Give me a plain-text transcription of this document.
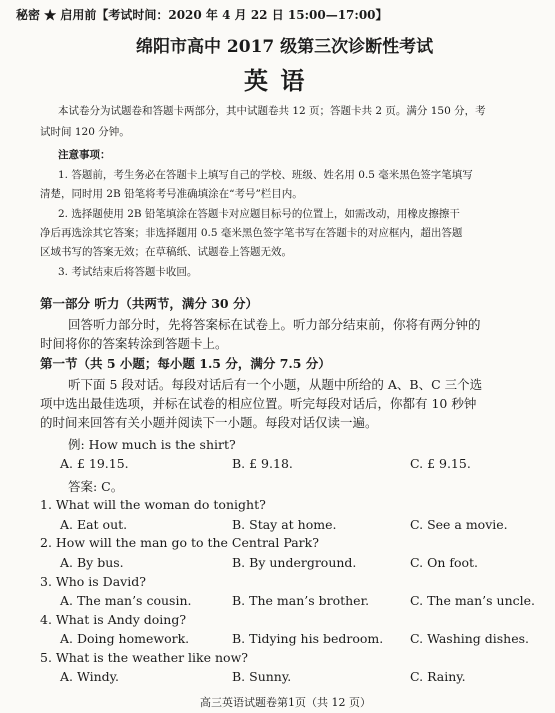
秘密 ★ 启用前【考试时间：2020 年 4 月 22 日 15:00—17:00】
绵阳市高中 2017 级第三次诊断性考试
英 语
本试卷分为试题卷和答题卡两部分，其中试题卷共 12 页；答题卡共 2 页。满分 150 分，考
试时间 120 分钟。
注意事项：
1. 答题前，考生务必在答题卡上填写自己的学校、班级、姓名用 0.5 毫米黑色签字笔填写
清楚，同时用 2B 铅笔将考号准确填涂在“考号”栏目内。
2. 选择题使用 2B 铅笔填涂在答题卡对应题目标号的位置上，如需改动，用橡皮擦擦干
净后再选涂其它答案；非选择题用 0.5 毫米黑色签字笔书写在答题卡的对应框内，超出答题
区域书写的答案无效；在草稿纸、试题卷上答题无效。
3. 考试结束后将答题卡收回。
第一部分 听力（共两节，满分 30 分）
回答听力部分时，先将答案标在试卷上。听力部分结束前，你将有两分钟的
时间将你的答案转涂到答题卡上。
第一节（共 5 小题；每小题 1.5 分，满分 7.5 分）
听下面 5 段对话。每段对话后有一个小题，从题中所给的 A、B、C 三个选
项中选出最佳选项，并标在试卷的相应位置。听完每段对话后，你都有 10 秒钟
的时间来回答有关小题并阅读下一小题。每段对话仅读一遍。
例: How much is the shirt?
A. £ 19.15.	B. £ 9.18.	C. £ 9.15.
答案: C。
1. What will the woman do tonight?
A. Eat out.	B. Stay at home.	C. See a movie.
2. How will the man go to the Central Park?
A. By bus.	B. By underground.	C. On foot.
3. Who is David?
A. The man’s cousin.	B. The man’s brother.	C. The man’s uncle.
4. What is Andy doing?
A. Doing homework.	B. Tidying his bedroom. C. Washing dishes.
5. What is the weather like now?
A. Windy.	B. Sunny.	C. Rainy.
高三英语试题卷第1页（共 12 页）
